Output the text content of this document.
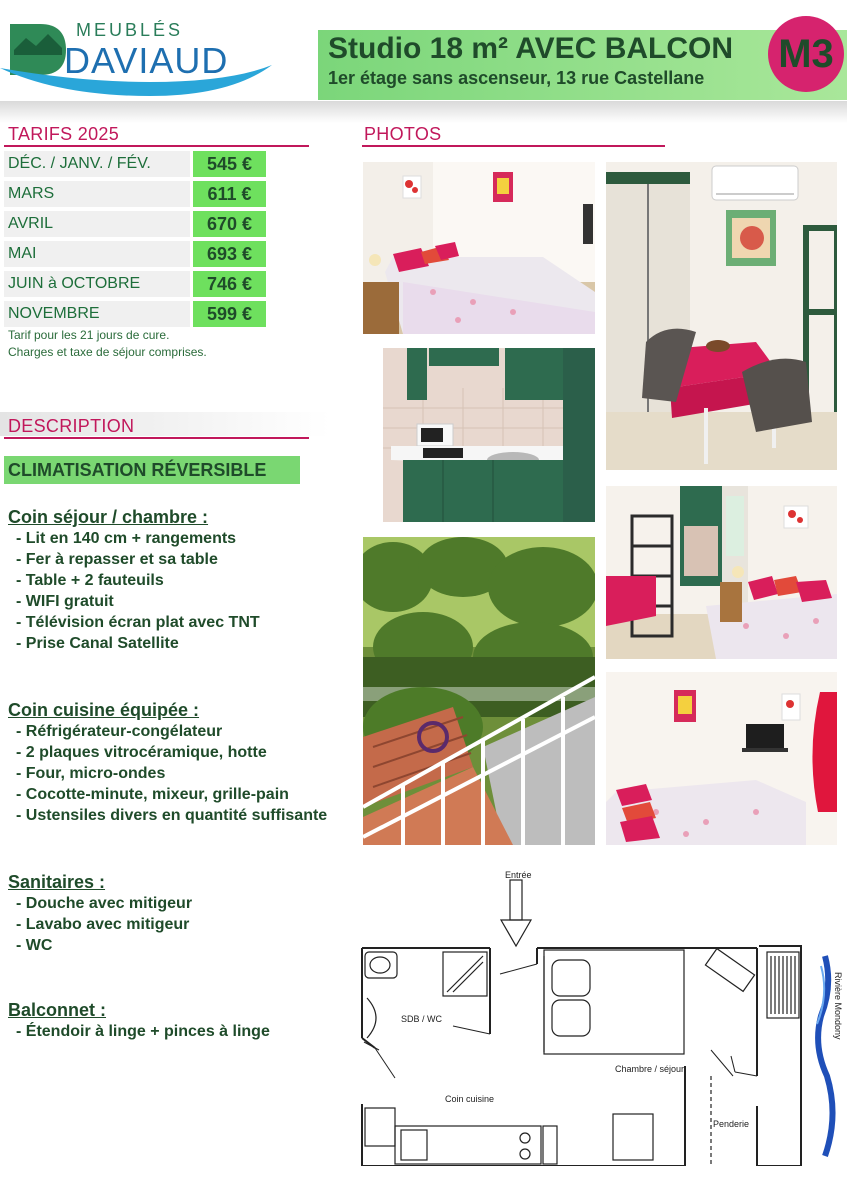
MEUBLÉS
DAVIAUD	Studio 18 m² AVEC BALCON
1er étage sans ascenseur, 13 rue Castellane
M3
TARIFS 2025
DÉC. / JANV. / FÉV.	545 €
MARS	611 €
AVRIL	670 €
MAI	693 €
JUIN à OCTOBRE	746 €
NOVEMBRE	599 €
Tarif pour les 21 jours de cure.
Charges et taxe de séjour comprises.
DESCRIPTION
CLIMATISATION RÉVERSIBLE
Coin séjour / chambre :
- Lit en 140 cm + rangements
- Fer à repasser et sa table
- Table + 2 fauteuils
- WIFI gratuit
- Télévision écran plat avec TNT
- Prise Canal Satellite
Coin cuisine équipée :
- Réfrigérateur-congélateur
- 2 plaques vitrocéramique, hotte
- Four, micro-ondes
- Cocotte-minute, mixeur, grille-pain
- Ustensiles divers en quantité suffisante
Sanitaires :
- Douche avec mitigeur
- Lavabo avec mitigeur
- WC
Balconnet :
- Étendoir à linge + pinces à linge
PHOTOS
Entrée
SDB / WC
Chambre / séjour
Coin cuisine
Penderie
Rivière Mondony
